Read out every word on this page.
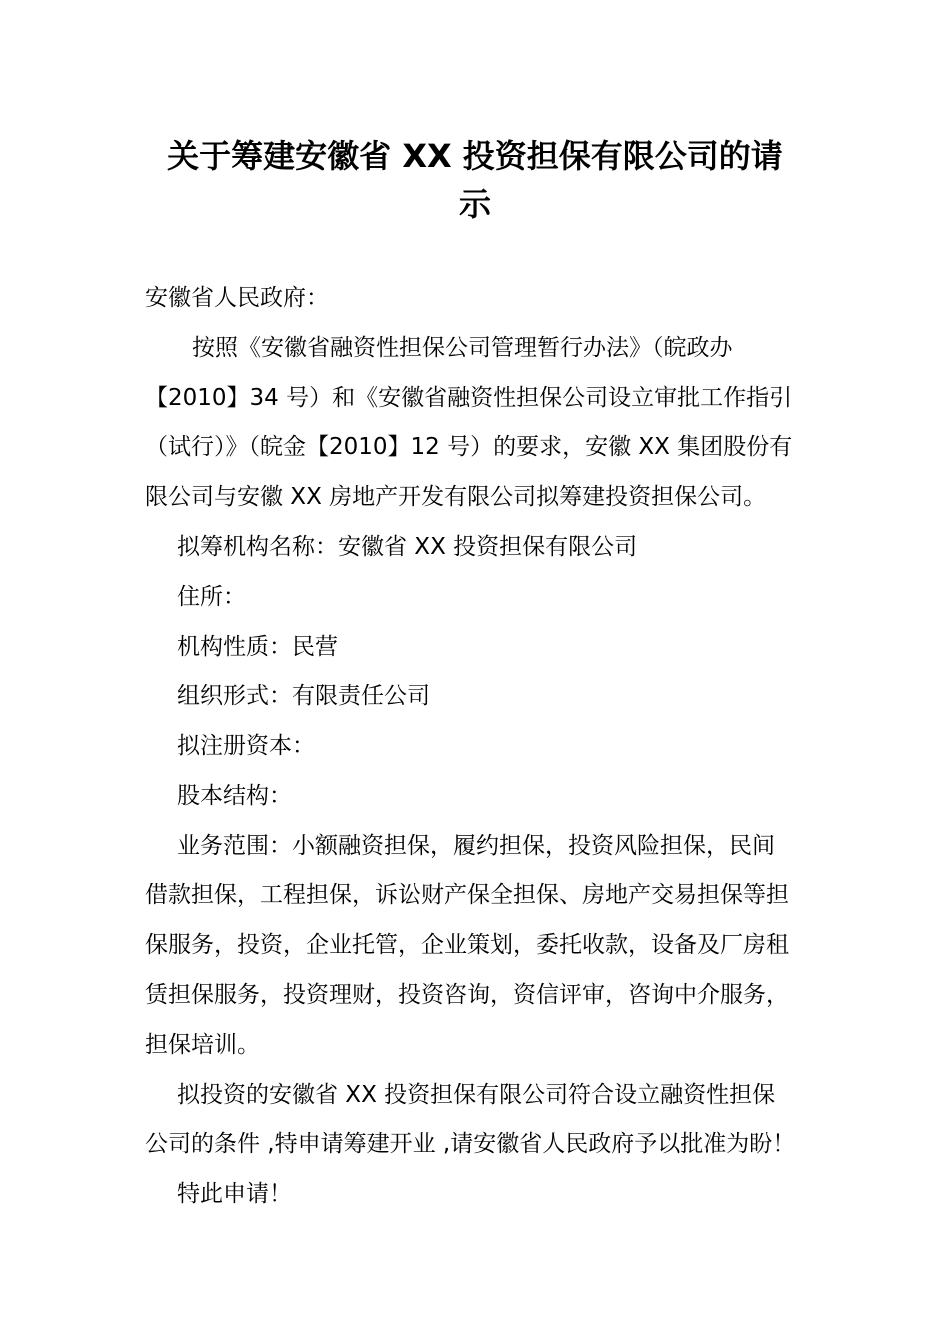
关于筹建安徽省 XX 投资担保有限公司的请
示

安徽省人民政府：

按照《安徽省融资性担保公司管理暂行办法》（皖政办

【2010】34 号）和《安徽省融资性担保公司设立审批工作指引

（试行）》（皖金【2010】12 号）的要求，安徽 XX 集团股份有

限公司与安徽 XX 房地产开发有限公司拟筹建投资担保公司。

拟筹机构名称：安徽省 XX 投资担保有限公司

住所：

机构性质：民营

组织形式：有限责任公司

拟注册资本：

股本结构：

业务范围：小额融资担保，履约担保，投资风险担保，民间

借款担保，工程担保，诉讼财产保全担保、房地产交易担保等担

保服务，投资，企业托管，企业策划，委托收款，设备及厂房租

赁担保服务，投资理财，投资咨询，资信评审，咨询中介服务，

担保培训。

拟投资的安徽省 XX 投资担保有限公司符合设立融资性担保

公司的条件 ,特申请筹建开业 ,请安徽省人民政府予以批准为盼！

特此申请！
